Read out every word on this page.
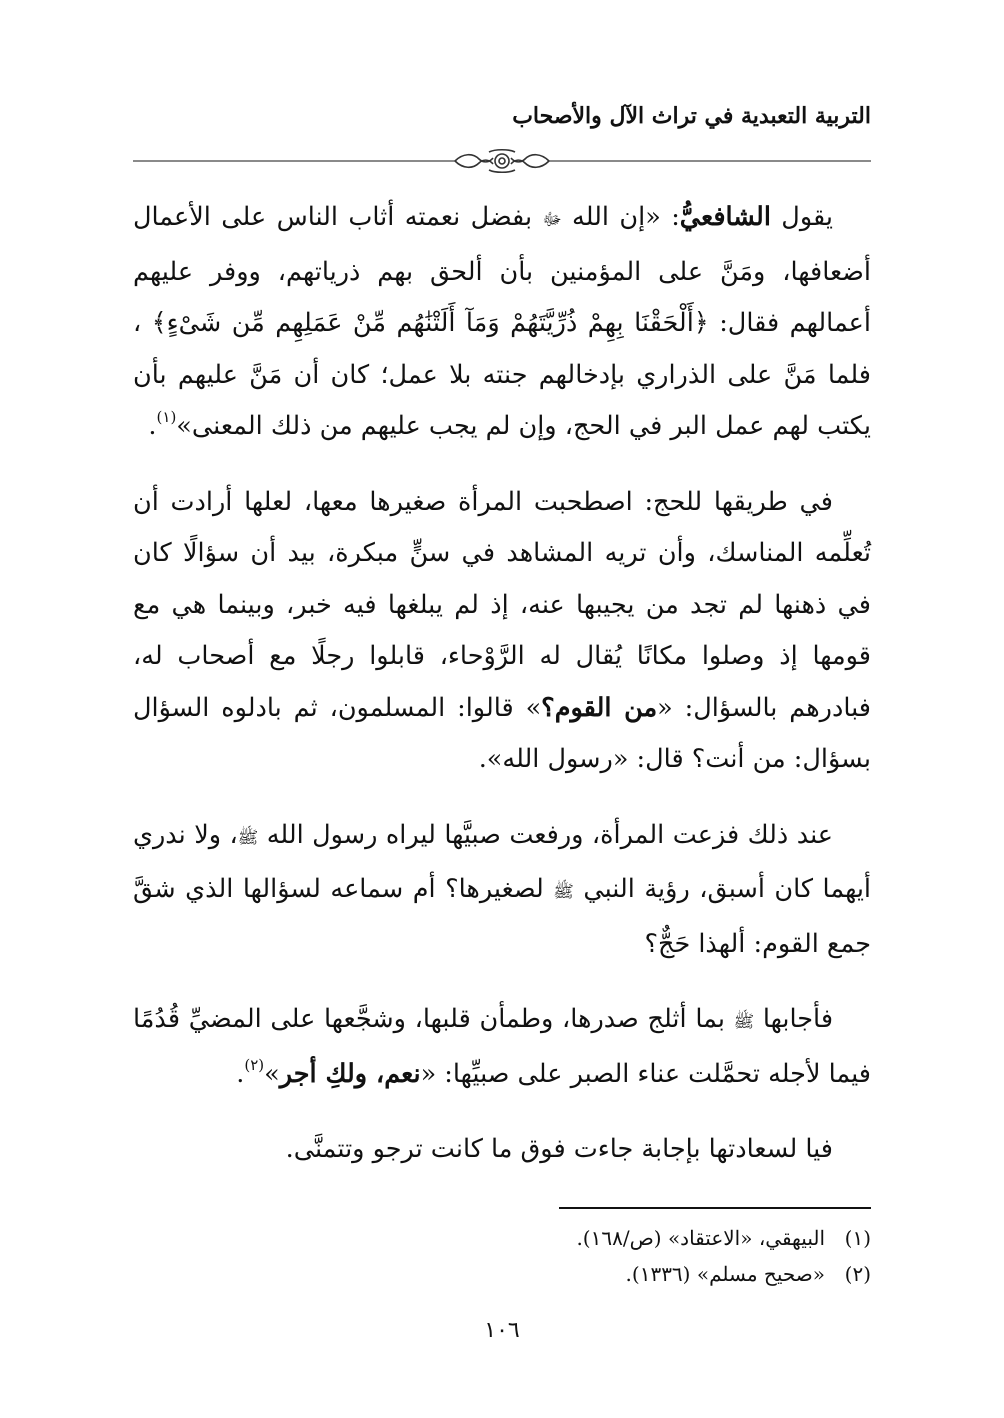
التربية التعبدية في تراث الآل والأصحاب

يقول الشافعيُّ: «إن الله ﷻ بفضل نعمته أثاب الناس على الأعمال أضعافها، ومَنَّ على المؤمنين بأن ألحق بهم ذرياتهم، ووفر عليهم أعمالهم فقال: ﴿أَلْحَقْنَا بِهِمْ ذُرِّيَّتَهُمْ وَمَآ أَلَتْنَٰهُم مِّنْ عَمَلِهِم مِّن شَىْءٍ﴾ ، فلما مَنَّ على الذراري بإدخالهم جنته بلا عمل؛ كان أن مَنَّ عليهم بأن يكتب لهم عمل البر في الحج، وإن لم يجب عليهم من ذلك المعنى»$^{(١)}$.

في طريقها للحج: اصطحبت المرأة صغيرها معها، لعلها أرادت أن تُعلِّمه المناسك، وأن تريه المشاهد في سنٍّ مبكرة، بيد أن سؤالًا كان في ذهنها لم تجد من يجيبها عنه، إذ لم يبلغها فيه خبر، وبينما هي مع قومها إذ وصلوا مكانًا يُقال له الرَّوْحاء، قابلوا رجلًا مع أصحاب له، فبادرهم بالسؤال: «من القوم؟» قالوا: المسلمون، ثم بادلوه السؤال بسؤال: من أنت؟ قال: «رسول الله».

عند ذلك فزعت المرأة، ورفعت صبيَّها ليراه رسول الله ﷺ، ولا ندري أيهما كان أسبق، رؤية النبي ﷺ لصغيرها؟ أم سماعه لسؤالها الذي شقَّ جمع القوم: ألهذا حَجٌّ؟

فأجابها ﷺ بما أثلج صدرها، وطمأن قلبها، وشجَّعها على المضيِّ قُدُمًا فيما لأجله تحمَّلت عناء الصبر على صبيِّها: «نعم، ولكِ أجر»$^{(٢)}$.

فيا لسعادتها بإجابة جاءت فوق ما كانت ترجو وتتمنَّى.

(١)البيهقي، «الاعتقاد» (ص/١٦٨).
(٢)«صحيح مسلم» (١٣٣٦).
١٠٦
